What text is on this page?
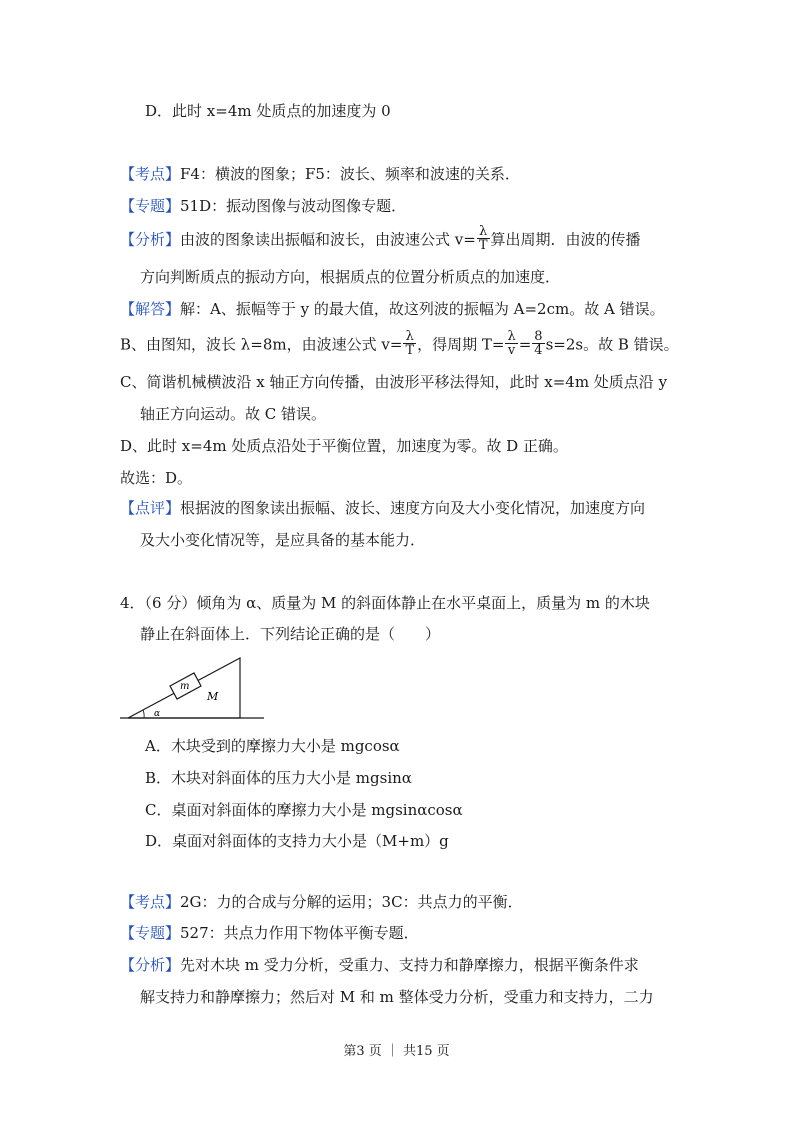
D．此时 x=4m 处质点的加速度为 0
【考点】F4：横波的图象；F5：波长、频率和波速的关系．
【专题】51D：振动图像与波动图像专题．
【分析】由波的图象读出振幅和波长，由波速公式 $v= \frac{\lambda}{T}$ 算出周期．由波的传播
方向判断质点的振动方向，根据质点的位置分析质点的加速度．
【解答】解：A、振幅等于 y 的最大值，故这列波的振幅为 A=2cm。故 A 错误。
B、由图知，波长 λ=8m，由波速公式 $v= \frac{\lambda}{T}$ ，得周期 $T= \frac{\lambda}{v} = \frac{8}{4} s=2s$。故 B 错误。
C、简谐机械横波沿 x 轴正方向传播，由波形平移法得知，此时 x=4m 处质点沿 y
轴正方向运动。故 C 错误。
D、此时 x=4m 处质点沿处于平衡位置，加速度为零。故 D 正确。
故选：D。
【点评】根据波的图象读出振幅、波长、速度方向及大小变化情况，加速度方向
及大小变化情况等，是应具备的基本能力．
4．（6 分）倾角为 α、质量为 M 的斜面体静止在水平桌面上，质量为 m 的木块
静止在斜面体上．下列结论正确的是（　　）
m
M
α
A．木块受到的摩擦力大小是 mgcosα
B．木块对斜面体的压力大小是 mgsinα
C．桌面对斜面体的摩擦力大小是 mgsinαcosα
D．桌面对斜面体的支持力大小是（M+m）g
【考点】2G：力的合成与分解的运用；3C：共点力的平衡．
【专题】527：共点力作用下物体平衡专题．
【分析】先对木块 m 受力分析，受重力、支持力和静摩擦力，根据平衡条件求
解支持力和静摩擦力；然后对 M 和 m 整体受力分析，受重力和支持力，二力
第3 页 ｜ 共15 页
